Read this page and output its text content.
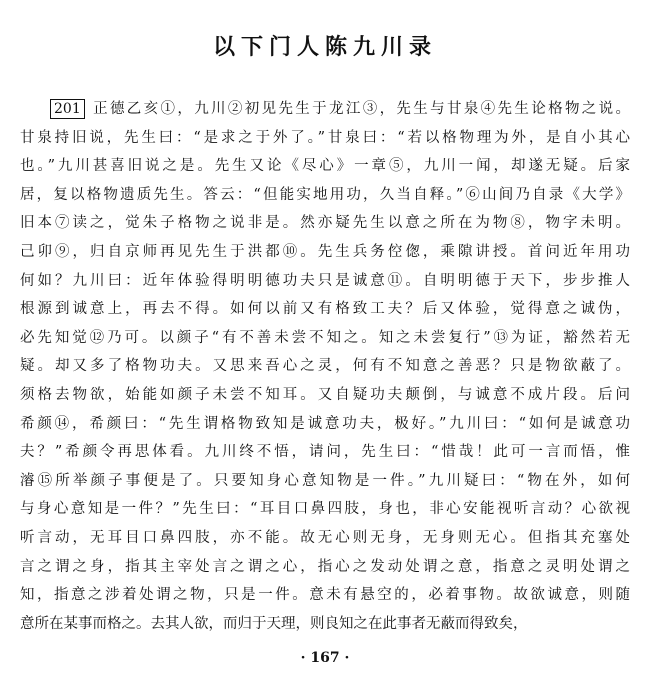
以下门人陈九川录
201 正德乙亥①，九川②初见先生于龙江③，先生与甘泉④先生论格物之说。
甘泉持旧说，先生曰：“是求之于外了。”甘泉曰：“若以格物理为外，是自小其心
也。”九川甚喜旧说之是。先生又论《尽心》一章⑤，九川一闻，却遂无疑。后家
居，复以格物遗质先生。答云：“但能实地用功，久当自释。”⑥山间乃自录《大学》
旧本⑦读之，觉朱子格物之说非是。然亦疑先生以意之所在为物⑧，物字未明。
己卯⑨，归自京师再见先生于洪都⑩。先生兵务倥偬，乘隙讲授。首问近年用功
何如？九川曰：近年体验得明明德功夫只是诚意⑪。自明明德于天下，步步推人
根源到诚意上，再去不得。如何以前又有格致工夫？后又体验，觉得意之诚伪，
必先知觉⑫乃可。以颜子“有不善未尝不知之。知之未尝复行”⑬为证，豁然若无
疑。却又多了格物功夫。又思来吾心之灵，何有不知意之善恶？只是物欲蔽了。
须格去物欲，始能如颜子未尝不知耳。又自疑功夫颠倒，与诚意不成片段。后问
希颜⑭，希颜曰：“先生谓格物致知是诚意功夫，极好。”九川曰：“如何是诚意功
夫？”希颜令再思体看。九川终不悟，请问，先生曰：“惜哉！此可一言而悟，惟
濬⑮所举颜子事便是了。只要知身心意知物是一件。”九川疑曰：“物在外，如何
与身心意知是一件？”先生曰：“耳目口鼻四肢，身也，非心安能视听言动？心欲视
听言动，无耳目口鼻四肢，亦不能。故无心则无身，无身则无心。但指其充塞处
言之谓之身，指其主宰处言之谓之心，指心之发动处谓之意，指意之灵明处谓之
知，指意之涉着处谓之物，只是一件。意未有悬空的，必着事物。故欲诚意，则随
意所在某事而格之。去其人欲，而归于天理，则良知之在此事者无蔽而得致矣，
· 167 ·
